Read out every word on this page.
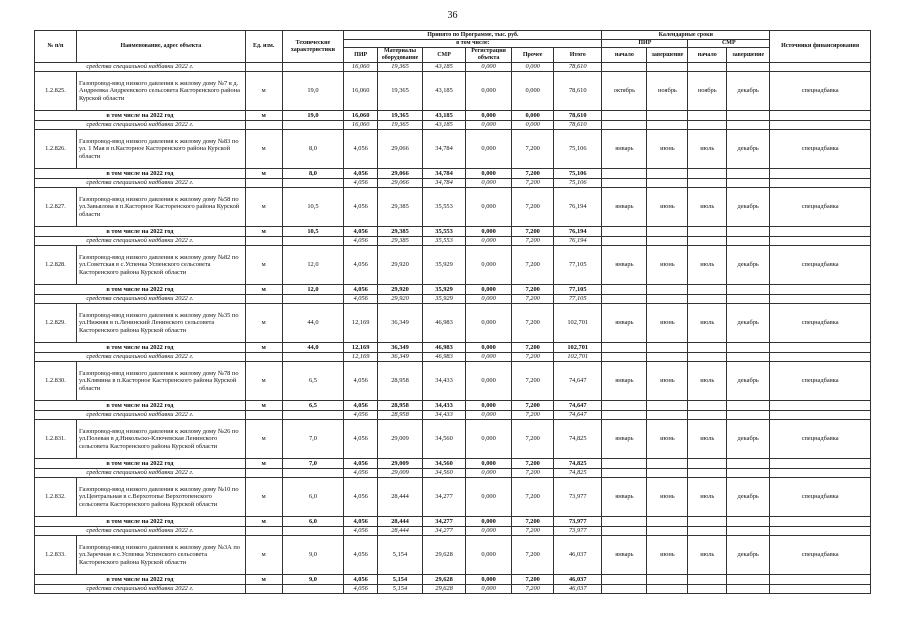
36
№ п/п	Наименование, адрес объекта	Ед. изм.	Технические характеристики	Принято по Программе, тыс. руб.						Календарные сроки				Источники финансирования
				в том числе:						ПИР		СМР		
				ПИР	Материалы оборудование	СМР	Регистрация объекта	Прочее	Итого	начало	завершение	начало	завершение	
средства специальной надбавки 2022 г.				16,060	19,365	43,185	0,000	0,000	78,610					
1.2.825.	Газопровод-ввод низкого давления к жилому дому №7 в д. Андреевка Андреевского сельсовета Касторенского района Курской области	м	19,0	16,060	19,365	43,185	0,000	0,000	78,610	октябрь	ноябрь	ноябрь	декабрь	спецнадбавка
в том числе на 2022 год		м	19,0	16,060	19,365	43,185	0,000	0,000	78,610					
средства специальной надбавки 2022 г.				16,060	19,365	43,185	0,000	0,000	78,610					
1.2.826.	Газопровод-ввод низкого давления к жилому дому №83 по ул. 1 Мая в п.Касторное Касторенского района Курской области	м	8,0	4,056	29,066	34,784	0,000	7,200	75,106	январь	июнь	июль	декабрь	спецнадбавка
в том числе на 2022 год		м	8,0	4,056	29,066	34,784	0,000	7,200	75,106					
средства специальной надбавки 2022 г.				4,056	29,066	34,784	0,000	7,200	75,106					
1.2.827.	Газопровод-ввод низкого давления к жилому дому №58 по ул.Завьялова в п.Касторное Касторенского района Курской области	м	10,5	4,056	29,385	35,553	0,000	7,200	76,194	январь	июнь	июль	декабрь	спецнадбавка
в том числе на 2022 год		м	10,5	4,056	29,385	35,553	0,000	7,200	76,194					
средства специальной надбавки 2022 г.				4,056	29,385	35,553	0,000	7,200	76,194					
1.2.828.	Газопровод-ввод низкого давления к жилому дому №82 по ул.Советская в с.Успенка Успенского сельсовета Касторенского района Курской области	м	12,0	4,056	29,920	35,929	0,000	7,200	77,105	январь	июнь	июль	декабрь	спецнадбавка
в том числе на 2022 год		м	12,0	4,056	29,920	35,929	0,000	7,200	77,105					
средства специальной надбавки 2022 г.				4,056	29,920	35,929	0,000	7,200	77,105					
1.2.829.	Газопровод-ввод низкого давления к жилому дому №35 по ул.Нижняя в п.Ленинский Ленинского сельсовета Касторенского района Курской области	м	44,0	12,169	36,349	46,983	0,000	7,200	102,701	январь	июнь	июль	декабрь	спецнадбавка
в том числе на 2022 год		м	44,0	12,169	36,349	46,983	0,000	7,200	102,701					
средства специальной надбавки 2022 г.				12,169	36,349	46,983	0,000	7,200	102,701					
1.2.830.	Газопровод-ввод низкого давления к жилому дому №78 по ул.Клямина в п.Касторное Касторенского района Курской области	м	6,5	4,056	28,958	34,433	0,000	7,200	74,647	январь	июнь	июль	декабрь	спецнадбавка
в том числе на 2022 год		м	6,5	4,056	28,958	34,433	0,000	7,200	74,647					
средства специальной надбавки 2022 г.				4,056	28,958	34,433	0,000	7,200	74,647					
1.2.831.	Газопровод-ввод низкого давления к жилому дому №26 по ул.Полевая в д.Никольско-Ключевская Ленинского сельсовета Касторенского района Курской области	м	7,0	4,056	29,009	34,560	0,000	7,200	74,825	январь	июнь	июль	декабрь	спецнадбавка
в том числе на 2022 год		м	7,0	4,056	29,009	34,560	0,000	7,200	74,825					
средства специальной надбавки 2022 г.				4,056	29,009	34,560	0,000	7,200	74,825					
1.2.832.	Газопровод-ввод низкого давления к жилому дому №10 по ул.Центральная в с.Верхотопье Верхотопенского сельсовета Касторенского района Курской области	м	6,0	4,056	28,444	34,277	0,000	7,200	73,977	январь	июнь	июль	декабрь	спецнадбавка
в том числе на 2022 год		м	6,0	4,056	28,444	34,277	0,000	7,200	73,977					
средства специальной надбавки 2022 г.				4,056	28,444	34,277	0,000	7,200	73,977					
1.2.833.	Газопровод-ввод низкого давления к жилому дому №3А по ул.Заречная в с.Успенка Успенского сельсовета Касторенского района Курской области	м	9,0	4,056	5,154	29,628	0,000	7,200	46,037	январь	июнь	июль	декабрь	спецнадбавка
в том числе на 2022 год		м	9,0	4,056	5,154	29,628	0,000	7,200	46,037					
средства специальной надбавки 2022 г.				4,056	5,154	29,628	0,000	7,200	46,037					
